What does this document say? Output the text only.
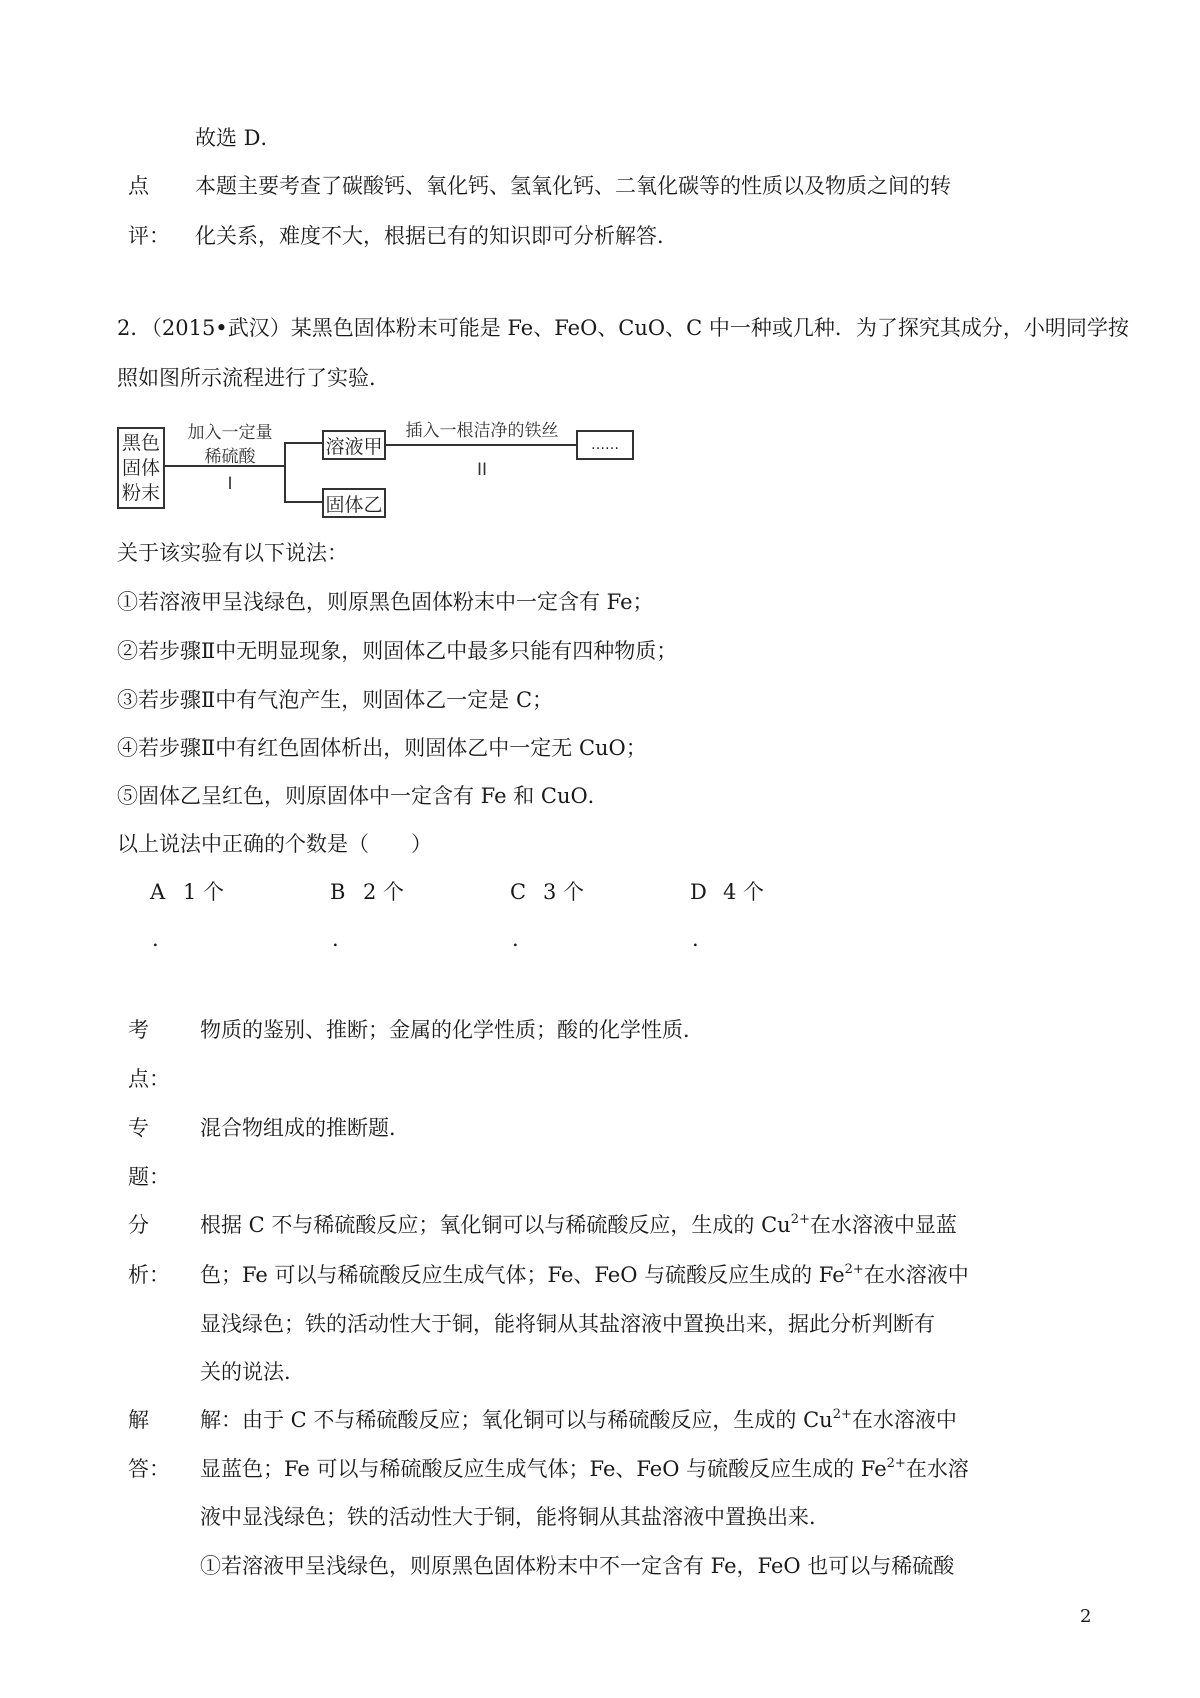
故选 D．
点
评：
本题主要考查了碳酸钙、氧化钙、氢氧化钙、二氧化碳等的性质以及物质之间的转
化关系，难度不大，根据已有的知识即可分析解答．
2．（2015•武汉）某黑色固体粉末可能是 Fe、FeO、CuO、C 中一种或几种．为了探究其成分，小明同学按
照如图所示流程进行了实验．
黑色
固体
粉末
加入一定量
稀硫酸
I
溶液甲
固体乙
插入一根洁净的铁丝
II
……
关于该实验有以下说法：
①若溶液甲呈浅绿色，则原黑色固体粉末中一定含有 Fe；
②若步骤Ⅱ中无明显现象，则固体乙中最多只能有四种物质；
③若步骤Ⅱ中有气泡产生，则固体乙一定是 C；
④若步骤Ⅱ中有红色固体析出，则固体乙中一定无 CuO；
⑤固体乙呈红色，则原固体中一定含有 Fe 和 CuO．
以上说法中正确的个数是（　　）
A 1 个
.
B 2 个
.
C 3 个
.
D 4 个
.
考
点：
物质的鉴别、推断；金属的化学性质；酸的化学性质．
专
题：
混合物组成的推断题．
分
析：
根据 C 不与稀硫酸反应；氧化铜可以与稀硫酸反应，生成的 $Cu^{2+}$在水溶液中显蓝
色；Fe 可以与稀硫酸反应生成气体；Fe、FeO 与硫酸反应生成的 $Fe^{2+}$在水溶液中
显浅绿色；铁的活动性大于铜，能将铜从其盐溶液中置换出来，据此分析判断有
关的说法．
解
答：
解：由于 C 不与稀硫酸反应；氧化铜可以与稀硫酸反应，生成的 $Cu^{2+}$在水溶液中
显蓝色；Fe 可以与稀硫酸反应生成气体；Fe、FeO 与硫酸反应生成的 $Fe^{2+}$在水溶
液中显浅绿色；铁的活动性大于铜，能将铜从其盐溶液中置换出来．
①若溶液甲呈浅绿色，则原黑色固体粉末中不一定含有 Fe，FeO 也可以与稀硫酸
2
